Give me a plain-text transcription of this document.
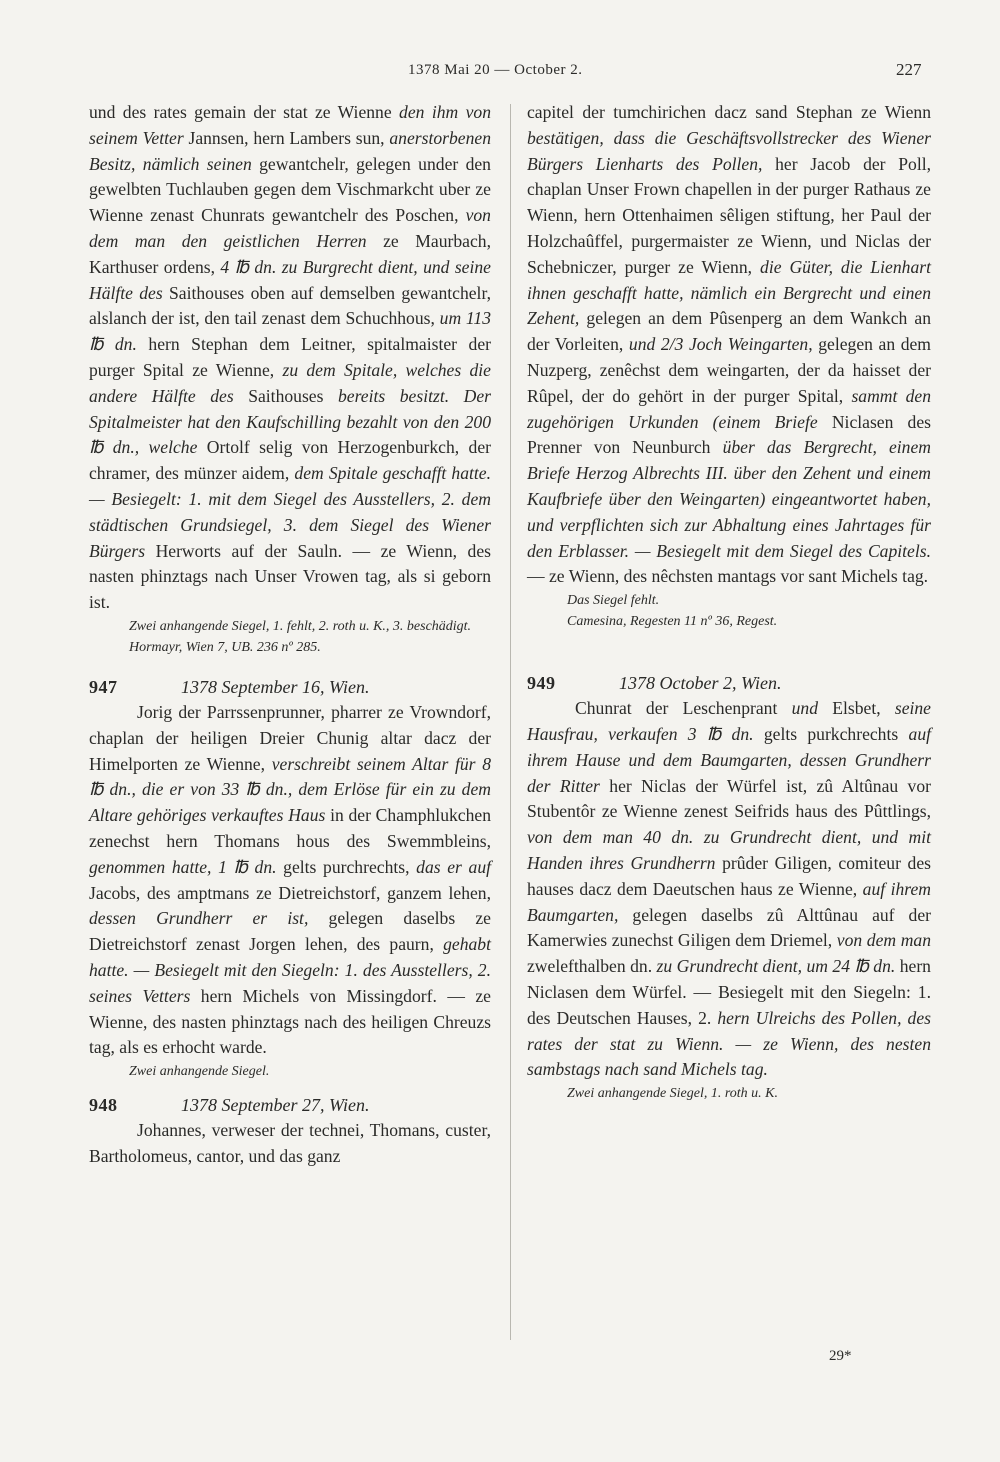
1378 Mai 20 — October 2.	227

und des rates gemain der stat ze Wienne den ihm von seinem Vetter Jannsen, hern Lambers sun, anerstorbenen Besitz, nämlich seinen gewantchelr, gelegen under den gewelbten Tuchlauben gegen dem Vischmarkcht uber ze Wienne zenast Chunrats gewantchelr des Poschen, von dem man den geistlichen Herren ze Maurbach, Karthuser ordens, 4 ℔ dn. zu Burgrecht dient, und seine Hälfte des Saithouses oben auf demselben gewantchelr, alslanch der ist, den tail zenast dem Schuchhous, um 113 ℔ dn. hern Stephan dem Leitner, spitalmaister der purger Spital ze Wienne, zu dem Spitale, welches die andere Hälfte des Saithouses bereits besitzt. Der Spitalmeister hat den Kaufschilling bezahlt von den 200 ℔ dn., welche Ortolf selig von Herzogenburkch, der chramer, des münzer aidem, dem Spitale geschafft hatte. — Besiegelt: 1. mit dem Siegel des Ausstellers, 2. dem städtischen Grundsiegel, 3. dem Siegel des Wiener Bürgers Herworts auf der Sauln. — ze Wienn, des nasten phinztags nach Unser Vrowen tag, als si geborn ist.

Zwei anhangende Siegel, 1. fehlt, 2. roth u. K., 3. beschädigt.

Hormayr, Wien 7, UB. 236 nº 285.

947	1378 September 16, Wien.

Jorig der Parrssenprunner, pharrer ze Vrowndorf, chaplan der heiligen Dreier Chunig altar dacz der Himelporten ze Wienne, verschreibt seinem Altar für 8 ℔ dn., die er von 33 ℔ dn., dem Erlöse für ein zu dem Altare gehöriges verkauftes Haus in der Champhlukchen zenechst hern Thomans hous des Swemmbleins, genommen hatte, 1 ℔ dn. gelts purchrechts, das er auf Jacobs, des amptmans ze Dietreichstorf, ganzem lehen, dessen Grundherr er ist, gelegen daselbs ze Dietreichstorf zenast Jorgen lehen, des paurn, gehabt hatte. — Besiegelt mit den Siegeln: 1. des Ausstellers, 2. seines Vetters hern Michels von Missingdorf. — ze Wienne, des nasten phinztags nach des heiligen Chreuzs tag, als es erhocht warde.

Zwei anhangende Siegel.

948	1378 September 27, Wien.

Johannes, verweser der technei, Thomans, custer, Bartholomeus, cantor, und das ganz

capitel der tumchirichen dacz sand Stephan ze Wienn bestätigen, dass die Geschäftsvollstrecker des Wiener Bürgers Lienharts des Pollen, her Jacob der Poll, chaplan Unser Frown chapellen in der purger Rathaus ze Wienn, hern Ottenhaimen sêligen stiftung, her Paul der Holzchaûffel, purgermaister ze Wienn, und Niclas der Schebniczer, purger ze Wienn, die Güter, die Lienhart ihnen geschafft hatte, nämlich ein Bergrecht und einen Zehent, gelegen an dem Pûsenperg an dem Wankch an der Vorleiten, und 2/3 Joch Weingarten, gelegen an dem Nuzperg, zenêchst dem weingarten, der da haisset der Rûpel, der do gehört in der purger Spital, sammt den zugehörigen Urkunden (einem Briefe Niclasen des Prenner von Neunburch über das Bergrecht, einem Briefe Herzog Albrechts III. über den Zehent und einem Kaufbriefe über den Weingarten) eingeantwortet haben, und verpflichten sich zur Abhaltung eines Jahrtages für den Erblasser. — Besiegelt mit dem Siegel des Capitels. — ze Wienn, des nêchsten mantags vor sant Michels tag.

Das Siegel fehlt.

Camesina, Regesten 11 nº 36, Regest.

949	1378 October 2, Wien.

Chunrat der Leschenprant und Elsbet, seine Hausfrau, verkaufen 3 ℔ dn. gelts purkchrechts auf ihrem Hause und dem Baumgarten, dessen Grundherr der Ritter her Niclas der Würfel ist, zû Altûnau vor Stubentôr ze Wienne zenest Seifrids haus des Pûttlings, von dem man 40 dn. zu Grundrecht dient, und mit Handen ihres Grundherrn prûder Giligen, comiteur des hauses dacz dem Daeutschen haus ze Wienne, auf ihrem Baumgarten, gelegen daselbs zû Alttûnau auf der Kamerwies zunechst Giligen dem Driemel, von dem man zwelefthalben dn. zu Grundrecht dient, um 24 ℔ dn. hern Niclasen dem Würfel. — Besiegelt mit den Siegeln: 1. des Deutschen Hauses, 2. hern Ulreichs des Pollen, des rates der stat zu Wienn. — ze Wienn, des nesten sambstags nach sand Michels tag.

Zwei anhangende Siegel, 1. roth u. K.

29*
